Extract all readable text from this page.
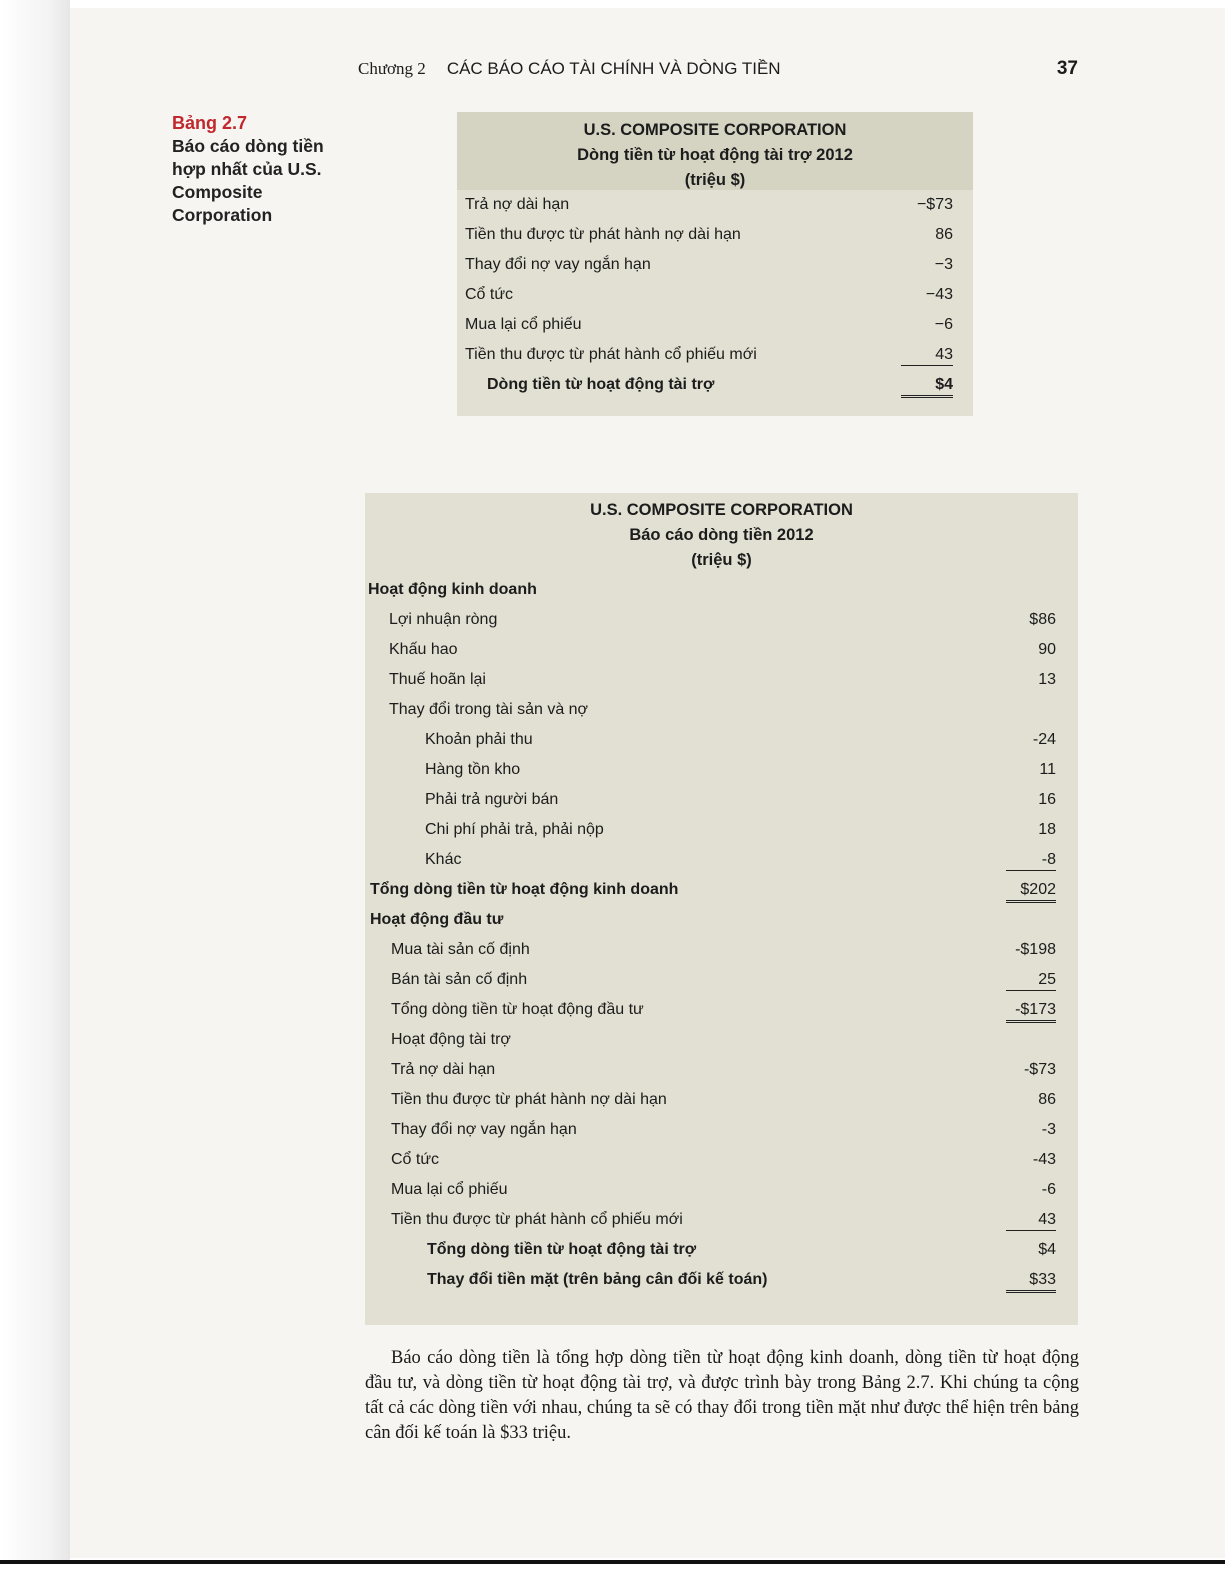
Chương 2 CÁC BÁO CÁO TÀI CHÍNH VÀ DÒNG TIỀN	37
Bảng 2.7
Báo cáo dòng tiền hợp nhất của U.S. Composite Corporation
U.S. COMPOSITE CORPORATION
Dòng tiền từ hoạt động tài trợ 2012
(triệu $)
Trả nợ dài hạn	−$73
Tiền thu được từ phát hành nợ dài hạn	86
Thay đổi nợ vay ngắn hạn	−3
Cổ tức	−43
Mua lại cổ phiếu	−6
Tiền thu được từ phát hành cổ phiếu mới	43
Dòng tiền từ hoạt động tài trợ	$4
U.S. COMPOSITE CORPORATION
Báo cáo dòng tiền 2012
(triệu $)
Hoạt động kinh doanh
Lợi nhuận ròng	$86
Khấu hao	90
Thuế hoãn lại	13
Thay đổi trong tài sản và nợ
Khoản phải thu	-24
Hàng tồn kho	11
Phải trả người bán	16
Chi phí phải trả, phải nộp	18
Khác	-8
Tổng dòng tiền từ hoạt động kinh doanh	$202
Hoạt động đầu tư
Mua tài sản cố định	-$198
Bán tài sản cố định	25
Tổng dòng tiền từ hoạt động đầu tư	-$173
Hoạt động tài trợ
Trả nợ dài hạn	-$73
Tiền thu được từ phát hành nợ dài hạn	86
Thay đổi nợ vay ngắn hạn	-3
Cổ tức	-43
Mua lại cổ phiếu	-6
Tiền thu được từ phát hành cổ phiếu mới	43
Tổng dòng tiền từ hoạt động tài trợ	$4
Thay đổi tiền mặt (trên bảng cân đối kế toán)	$33

Báo cáo dòng tiền là tổng hợp dòng tiền từ hoạt động kinh doanh, dòng tiền từ hoạt động đầu tư, và dòng tiền từ hoạt động tài trợ, và được trình bày trong Bảng 2.7. Khi chúng ta cộng tất cả các dòng tiền với nhau, chúng ta sẽ có thay đổi trong tiền mặt như được thể hiện trên bảng cân đối kế toán là $33 triệu.
